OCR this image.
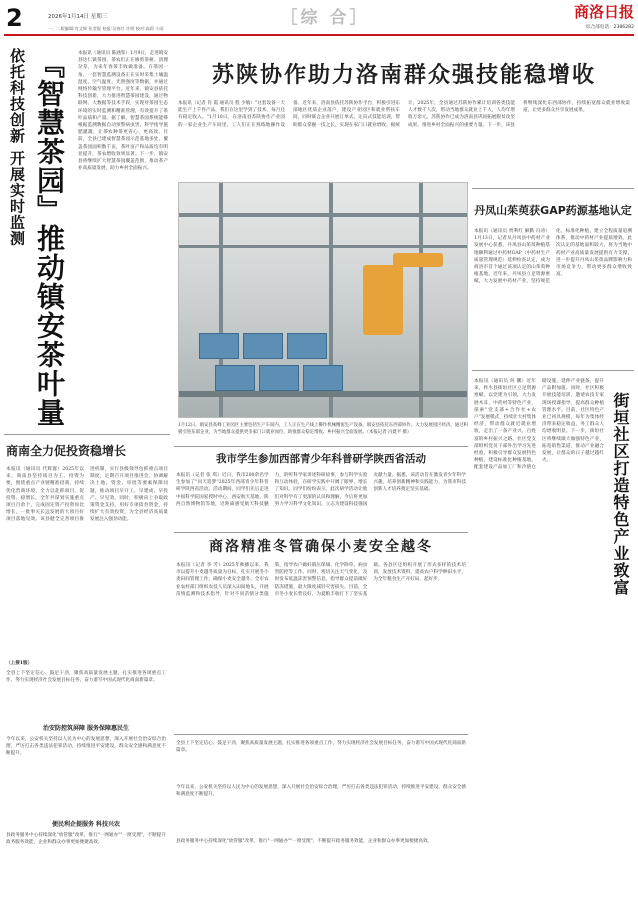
2	2026年1月14日 星期三	［综 合］	商洛日报
综合部电话：2386282
一、二版编辑:肖文辉 张莹锟 校报:吴春红 许明 校对:高莉 小雨
依托科技创新 开展实时监测 『智慧茶园』推动镇安茶叶量
本报讯（通讯员 陈涵鉴）1月9日，走进镇安县达仁镇茶园，茶农们正在修剪茶树、清理杂草，为来年春茶丰收做准备。在茶园一角，一套智慧监测设备正在实时采集土壤温湿度、空气温度、光照强度等数据，并通过网络传输至管理平台。近年来，镇安县依托科技创新，大力推进智慧茶园建设，通过物联网、大数据等技术手段，实现对茶园生态环境的实时监测和精准管理，有效提升了茶叶品质和产量。据了解，智慧茶园系统能够根据监测数据自动预警病虫害，科学指导施肥灌溉，让茶农种茶更省心、更高效。目前，全县已建成智慧茶园示范基地多处，覆盖茶园面积数千亩，茶叶亩产和品质均有明显提升，茶农增收效果显著。下一步，镇安县将继续扩大智慧茶园覆盖范围，推动茶产业高质量发展，助力乡村全面振兴。
苏陕协作助力洛南群众强技能稳增收
本报讯（记者 肖 霞 通讯员 程 少敏）"这套设备一天能生产上千件产品，我们在这里学到了技术，每月还有稳定收入。"1月10日，在洛南县苏陕协作产业园的一家企业生产车间里，工人们正在熟练地操作设备。近年来，洛南县依托苏陕协作平台，积极引进东部地区优质企业落户，建设产业园区和就业帮扶车间，同时联合企业开展订单式、定向式技能培训，帮助群众掌握一技之长，实现在家门口就业增收。据统计，2025年，全县通过苏陕协作累计培训各类技能人才数千人次，带动当地群众就业上千人，人均年增收万余元。苏陕协作已成为洛南县巩固拓展脱贫攻坚成果、推进乡村全面振兴的重要力量。下一步，该县将继续深化东西部协作，持续拓宽群众就业增收渠道，让更多群众共享发展成果。
1月12日，镇安县高峰工业园区主要包括生产车间内，工人正在生产线上操作机械精密生产设备。镇安县依托东西部协作，大力发展园区经济，通过积极引进东部企业，为当地群众提供更多家门口就业岗位，助推群众稳定增收、乡村振兴全面发展。（本报记者 冯建平 摄）
丹凤山茱萸获GAP药源基地认定
本报讯（通讯员 贾利红 解勤 冯涛）1月13日，记者从丹凤县中药材产业发展中心获悉，丹凤县山茱萸种植基地顺利通过中药材GAP（中药材生产质量管理规范）延伸检查认定，成为商洛市首个通过该项认定的山茱萸种植基地。近年来，丹凤县立足资源禀赋，大力发展中药材产业，坚持规范化、标准化种植，建立全程质量追溯体系，推动中药材产业提质增效。此次认定的基地面积较大，将为当地中药材产业高质量发展提供有力支撑，进一步提升丹凤山茱萸品牌影响力和市场竞争力，带动更多群众增收致富。
街垣社区打造特色产业致富
本报讯（通讯员 何 鹏）近年来，柞水县街垣社区立足资源禀赋，以党建为引领，大力发展木耳、中药材等特色产业，探索"党支部+合作社+农户"发展模式，持续壮大村集体经济，带动群众就近就业增收，走出了一条产业兴、百姓富的乡村振兴之路。社区党支部组织党员干部外出学习先进经验，积极引导群众发展特色种植，建设标准化种植基地，配套建设产品加工厂和冷链仓储设施，延伸产业链条，提升产品附加值。同时，社区积极开展技能培训，邀请农技专家现场授课指导，提高群众种植管理水平。目前，社区特色产业已初具规模，每年为集体经济带来稳定收益，务工群众人均增收明显。下一步，街垣社区将继续做大做强特色产业，拓宽销售渠道，推动产业融合发展，让群众的日子越过越红火。
商南全力促投资稳增长
本报讯（通讯员 代辉群）2025年以来，商南县坚持项目为王、投资为要，围绕重点产业链精准招商，持续优化营商环境，全力以赴抓项目、促投资、稳增长。全年共谋划实施重点项目百余个，完成固定资产投资同比增长，一批事关长远发展的大项目好项目落地见效。该县健全完善项目推进机制，实行县级领导包抓重点项目制度，定期召开项目推进会，协调解决土地、资金、审批等要素保障问题，推动项目早开工、早建成、早投产、早见效。同时，积极向上争取政策资金支持，用好专项债券资金，持续扩大有效投资，为全县经济高质量发展注入强劲动能。
（上接1版）
全县上下坚定信心、鼓足干劲，聚焦高质量发展主题，扎实推进各项重点工作，努力实现经济社会发展目标任务，奋力谱写中国式现代化商南新篇章。
治安防控筑屏障 服务保障惠民生
今年以来，公安机关坚持以人民为中心的发展思想，深入开展社会治安综合治理，严厉打击各类违法犯罪活动，持续推进平安建设，群众安全感和满意度不断提升。
便民利企提服务 科技兴农
县政务服务中心持续深化"放管服"改革，推行"一网通办""一窗受理"，不断提升政务服务效能，企业和群众办事更加便捷高效。
我市学生参加西部青少年科普研学陕西省活动
本报讯（记者 张 琪）近日，我市200余名学生参加了"问天追梦"2025年西部青少年科普研学陕西省活动。活动期间，同学们先后走进中国科学院国家授时中心、西安航天基地、陕西自然博物馆等地，近距离感受航天科技魅力，聆听科学家讲述科研故事，参与科学实验和互动体验，在研学实践中开阔了眼界、增长了知识。同学们纷纷表示，此次研学活动让他们对科学有了更深的认识和理解，今后将更加努力学习科学文化知识，立志为建设科技强国贡献力量。据悉，该活动旨在激发青少年科学兴趣，培养创新精神和实践能力，为我市科技创新人才培养奠定坚实基础。
商洛精准冬管确保小麦安全越冬
本报讯（记者 李 芳）2025年秋播以来，我市以提升小麦越冬质量为目标，扎实开展冬小麦田间管理工作，确保小麦安全越冬。全市农业农村部门组织农技人员深入田间地头，开展苗情监测和技术指导，针对不同苗情分类施策，指导农户做好镇压保墒、化学除草、病虫害防控等工作。同时，密切关注天气变化，及时发布低温冻害预警信息，指导群众提前做好防冻措施，最大限度减轻灾害损失。目前，全市冬小麦长势良好，为夏粮丰收打下了坚实基础。各县区还组织开展了形式多样的技术培训，发放技术资料，提高农户科学种田水平，为全年粮食生产开好局、起好步。
全县上下坚定信心、鼓足干劲，聚焦高质量发展主题，扎实推进各项重点工作，努力实现经济社会发展目标任务，奋力谱写中国式现代化商南新篇章。
今年以来，公安机关坚持以人民为中心的发展思想，深入开展社会治安综合治理，严厉打击各类违法犯罪活动，持续推进平安建设，群众安全感和满意度不断提升。
县政务服务中心持续深化"放管服"改革，推行"一网通办""一窗受理"，不断提升政务服务效能，企业和群众办事更加便捷高效。
